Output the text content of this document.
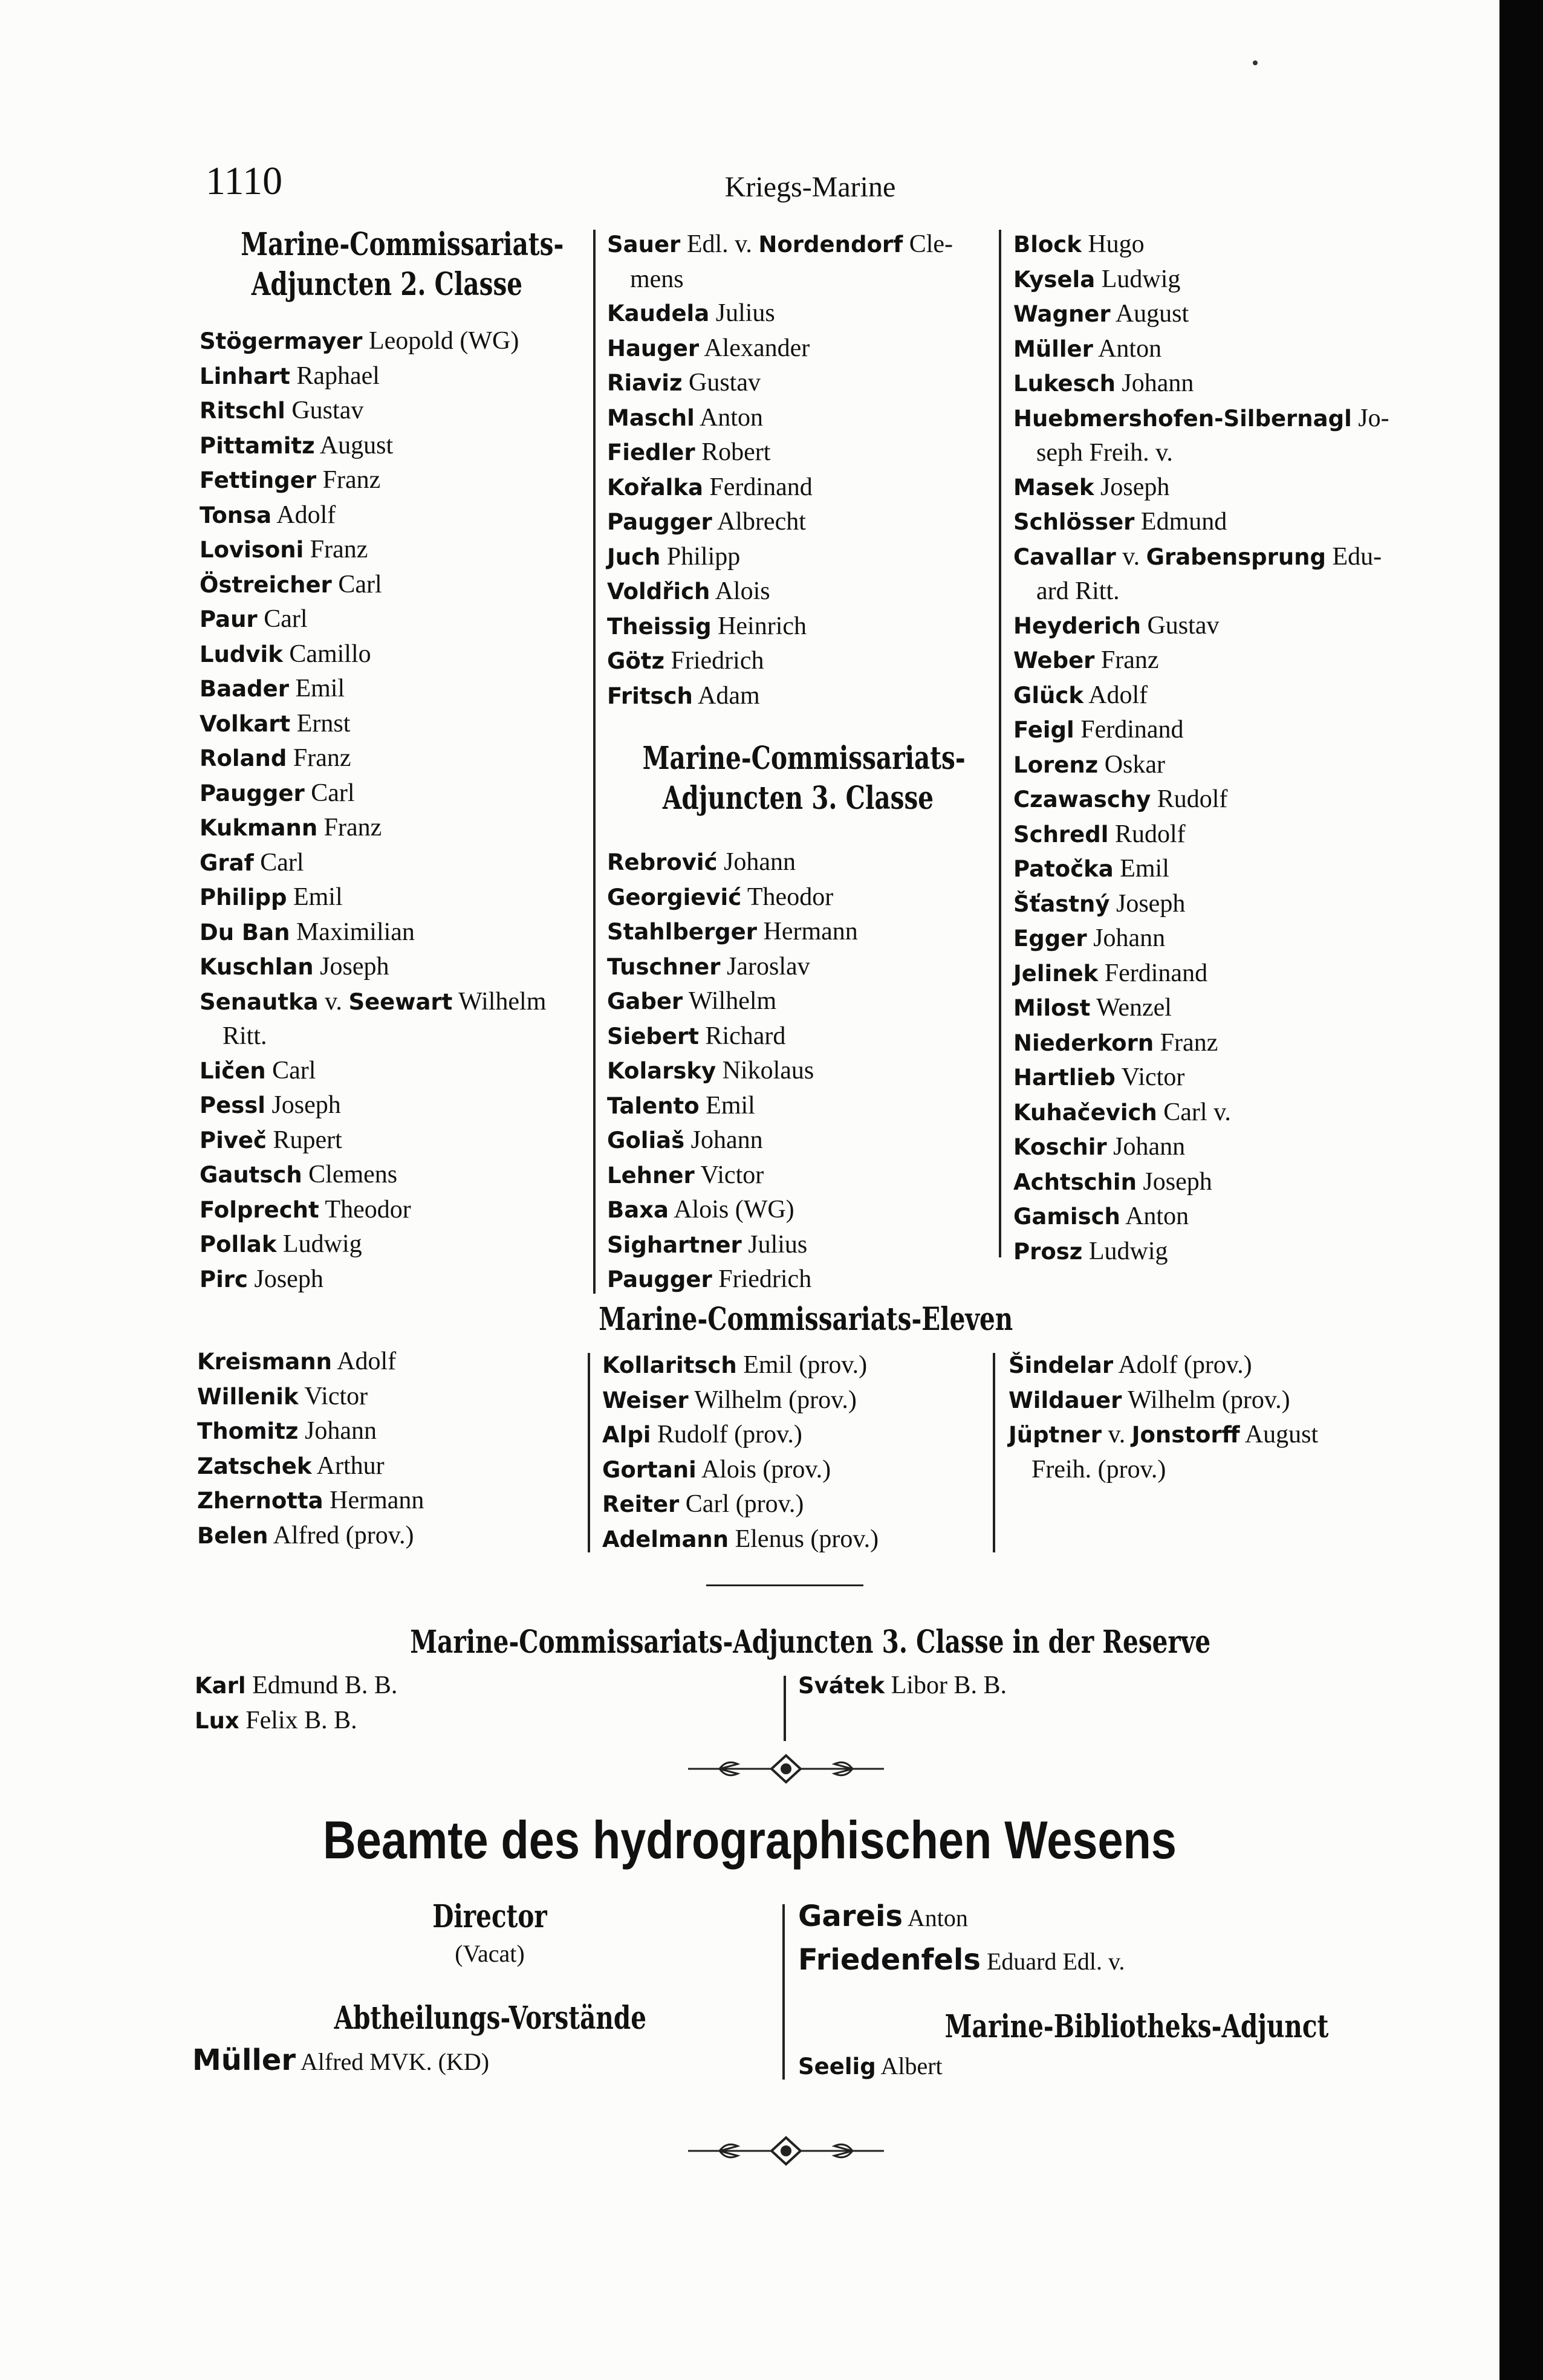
1110	Kriegs-Marine
Marine-Commissariats-
Adjuncten 2. Classe
Stögermayer Leopold (WG)
Linhart Raphael
Ritschl Gustav
Pittamitz August
Fettinger Franz
Tonsa Adolf
Lovisoni Franz
Östreicher Carl
Paur Carl
Ludvik Camillo
Baader Emil
Volkart Ernst
Roland Franz
Paugger Carl
Kukmann Franz
Graf Carl
Philipp Emil
Du Ban Maximilian
Kuschlan Joseph
Senautka v. Seewart Wilhelm
Ritt.
Ličen Carl
Pessl Joseph
Piveč Rupert
Gautsch Clemens
Folprecht Theodor
Pollak Ludwig
Pirc Joseph
Sauer Edl. v. Nordendorf Cle-
mens
Kaudela Julius
Hauger Alexander
Riaviz Gustav
Maschl Anton
Fiedler Robert
Kořalka Ferdinand
Paugger Albrecht
Juch Philipp
Voldřich Alois
Theissig Heinrich
Götz Friedrich
Fritsch Adam
Marine-Commissariats-
Adjuncten 3. Classe
Rebrović Johann
Georgiević Theodor
Stahlberger Hermann
Tuschner Jaroslav
Gaber Wilhelm
Siebert Richard
Kolarsky Nikolaus
Talento Emil
Goliaš Johann
Lehner Victor
Baxa Alois (WG)
Sighartner Julius
Paugger Friedrich
Block Hugo
Kysela Ludwig
Wagner August
Müller Anton
Lukesch Johann
Huebmershofen-Silbernagl Jo-
seph Freih. v.
Masek Joseph
Schlösser Edmund
Cavallar v. Grabensprung Edu-
ard Ritt.
Heyderich Gustav
Weber Franz
Glück Adolf
Feigl Ferdinand
Lorenz Oskar
Czawaschy Rudolf
Schredl Rudolf
Patočka Emil
Šťastný Joseph
Egger Johann
Jelinek Ferdinand
Milost Wenzel
Niederkorn Franz
Hartlieb Victor
Kuhačevich Carl v.
Koschir Johann
Achtschin Joseph
Gamisch Anton
Prosz Ludwig
Marine-Commissariats-Eleven
Kreismann Adolf
Willenik Victor
Thomitz Johann
Zatschek Arthur
Zhernotta Hermann
Belen Alfred (prov.)
Kollaritsch Emil (prov.)
Weiser Wilhelm (prov.)
Alpi Rudolf (prov.)
Gortani Alois (prov.)
Reiter Carl (prov.)
Adelmann Elenus (prov.)
Šindelar Adolf (prov.)
Wildauer Wilhelm (prov.)
Jüptner v. Jonstorff August
Freih. (prov.)
Marine-Commissariats-Adjuncten 3. Classe in der Reserve
Karl Edmund B. B.
Lux Felix B. B.
Svátek Libor B. B.
Beamte des hydrographischen Wesens
Director
(Vacat)
Abtheilungs-Vorstände
Müller Alfred MVK. (KD)
Gareis Anton
Friedenfels Eduard Edl. v.
Marine-Bibliotheks-Adjunct
Seelig Albert
